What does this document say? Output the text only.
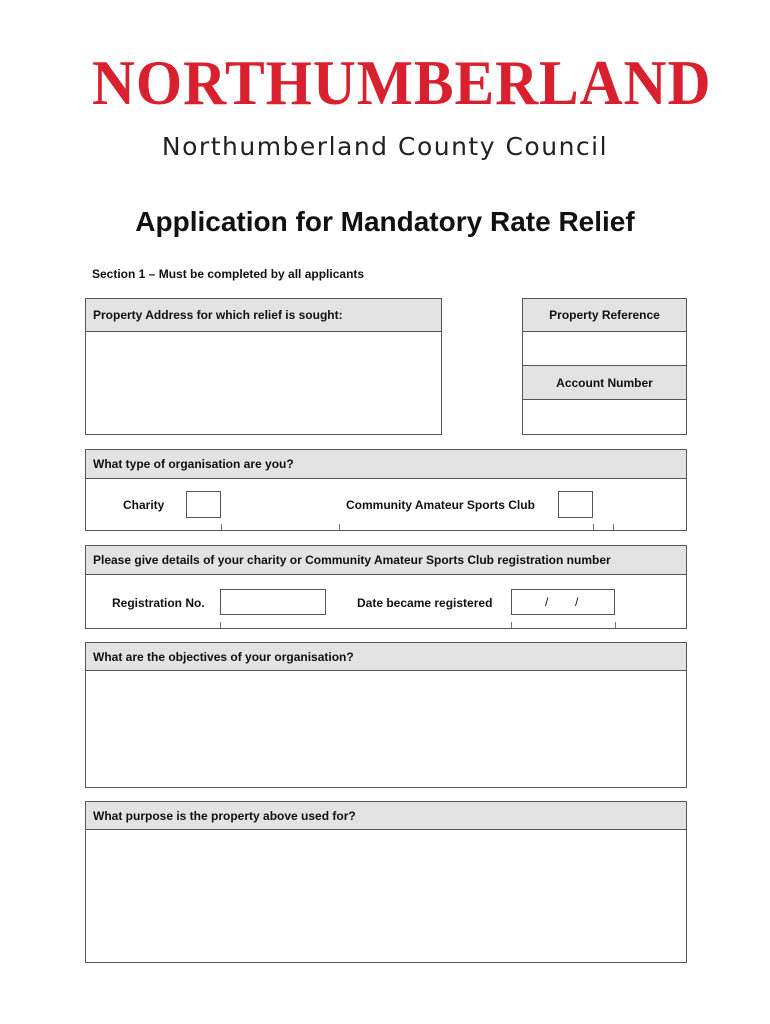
NORTHUMBERLAND
Northumberland County Council
Application for Mandatory Rate Relief
Section 1 – Must be completed by all applicants
Property Address for which relief is sought:	Property Reference
Account Number
What type of organisation are you?
Charity	Community Amateur Sports Club
Please give details of your charity or Community Amateur Sports Club registration number
Registration No.	Date became registered	/ /
What are the objectives of your organisation?
What purpose is the property above used for?
